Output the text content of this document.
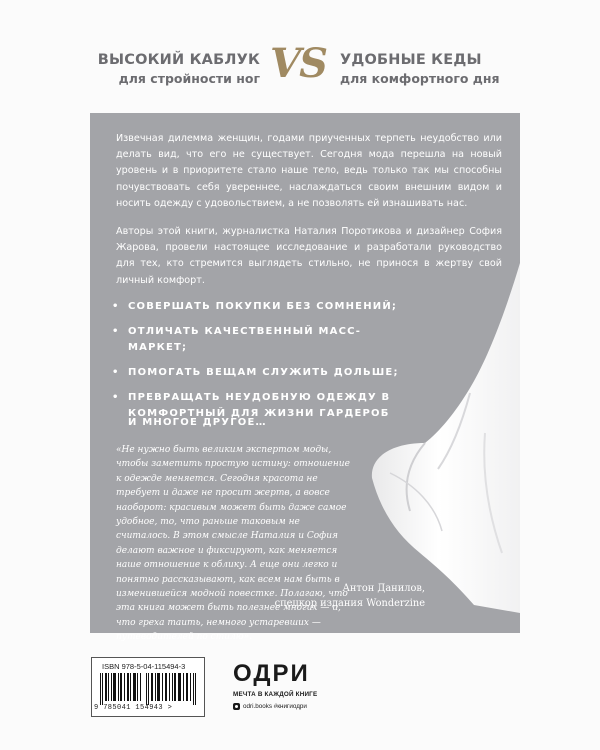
ВЫСОКИЙ КАБЛУК
для стройности ног VS УДОБНЫЕ КЕДЫ
для комфортного дня

Извечная дилемма женщин, годами приученных терпеть неудобство или делать вид, что его не существует. Сегодня мода перешла на новый уровень и в приоритете стало наше тело, ведь только так мы способны почувствовать себя увереннее, наслаждаться своим внешним видом и носить одежду с удовольствием, а не позволять ей изнашивать нас.

Авторы этой книги, журналистка Наталия Поротикова и дизайнер София Жарова, провели настоящее исследование и разработали руководство для тех, кто стремится выглядеть стильно, не принося в жертву свой личный комфорт.

• СОВЕРШАТЬ ПОКУПКИ БЕЗ СОМНЕНИЙ;
• ОТЛИЧАТЬ КАЧЕСТВЕННЫЙ МАСС-МАРКЕТ;
• ПОМОГАТЬ ВЕЩАМ СЛУЖИТЬ ДОЛЬШЕ;
• ПРЕВРАЩАТЬ НЕУДОБНУЮ ОДЕЖДУ В КОМФОРТНЫЙ ДЛЯ ЖИЗНИ ГАРДЕРОБ
И МНОГОЕ ДРУГОЕ…
«Не нужно быть великим экспертом моды, чтобы заметить простую истину: отношение к одежде меняется. Сегодня красота не требует и даже не просит жертв, а вовсе наоборот: красивым может быть даже самое удобное, то, что раньше таковым не считалось. В этом смысле Наталия и София делают важное и фиксируют, как меняется наше отношение к облику. А еще они легко и понятно рассказывают, как всем нам быть в изменившейся модной повестке. Полагаю, что эта книга может быть полезнее многих — и, что греха таить, немного устаревших — путеводителей по стилю».
Антон Данилов,
спецкор издания Wonderzine
ISBN 978-5-04-115494-3
9 785041 154943 >
ОДРИ
МЕЧТА В КАЖДОЙ КНИГЕ
odri.books #книгиодри
